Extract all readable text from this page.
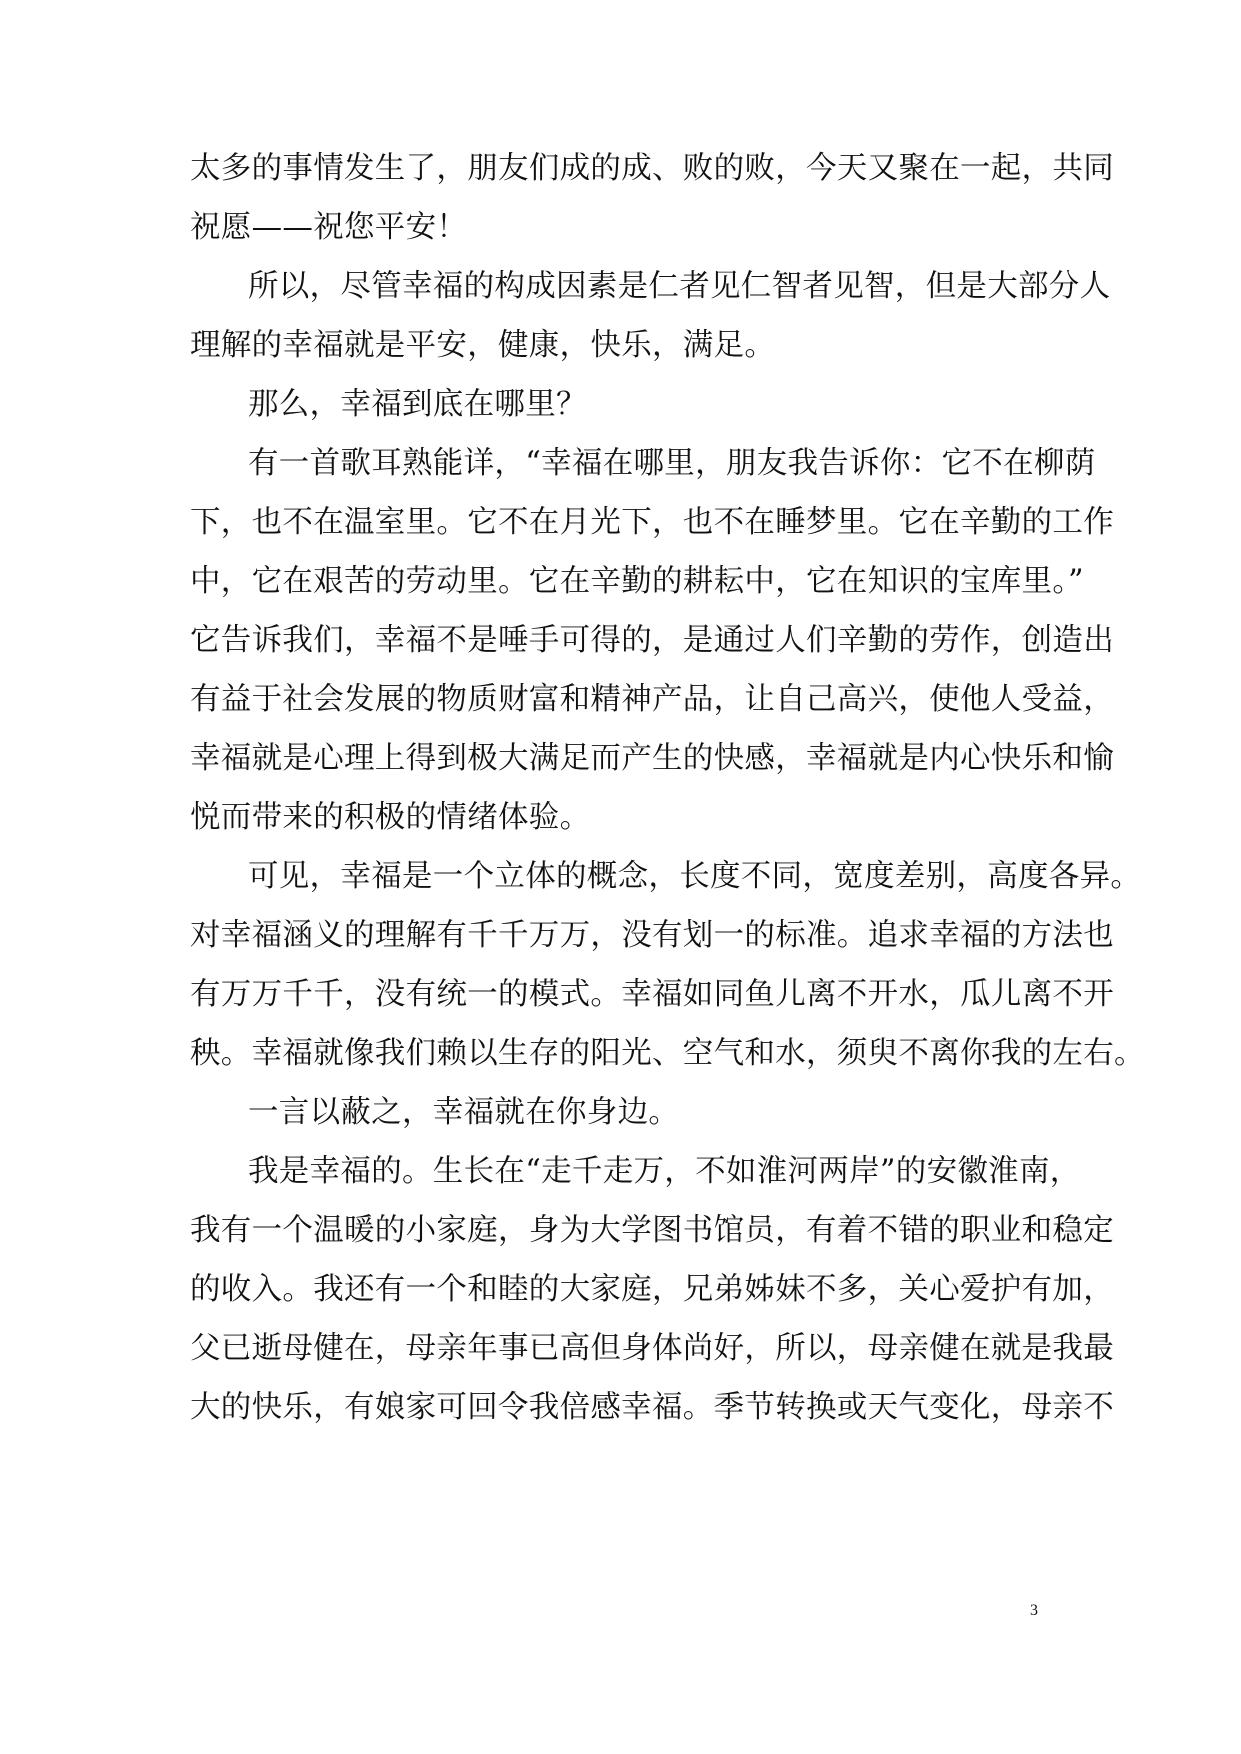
太多的事情发生了，朋友们成的成、败的败，今天又聚在一起，共同
祝愿——祝您平安！
所以，尽管幸福的构成因素是仁者见仁智者见智，但是大部分人
理解的幸福就是平安，健康，快乐，满足。
那么，幸福到底在哪里？
有一首歌耳熟能详，“幸福在哪里，朋友我告诉你：它不在柳荫
下，也不在温室里。它不在月光下，也不在睡梦里。它在辛勤的工作
中，它在艰苦的劳动里。它在辛勤的耕耘中，它在知识的宝库里。”
它告诉我们，幸福不是唾手可得的，是通过人们辛勤的劳作，创造出
有益于社会发展的物质财富和精神产品，让自己高兴，使他人受益，
幸福就是心理上得到极大满足而产生的快感，幸福就是内心快乐和愉
悦而带来的积极的情绪体验。
可见，幸福是一个立体的概念，长度不同，宽度差别，高度各异。
对幸福涵义的理解有千千万万，没有划一的标准。追求幸福的方法也
有万万千千，没有统一的模式。幸福如同鱼儿离不开水，瓜儿离不开
秧。幸福就像我们赖以生存的阳光、空气和水，须臾不离你我的左右。
一言以蔽之，幸福就在你身边。
我是幸福的。生长在“走千走万，不如淮河两岸”的安徽淮南，
我有一个温暖的小家庭，身为大学图书馆员，有着不错的职业和稳定
的收入。我还有一个和睦的大家庭，兄弟姊妹不多，关心爱护有加，
父已逝母健在，母亲年事已高但身体尚好，所以，母亲健在就是我最
大的快乐，有娘家可回令我倍感幸福。季节转换或天气变化，母亲不
3
